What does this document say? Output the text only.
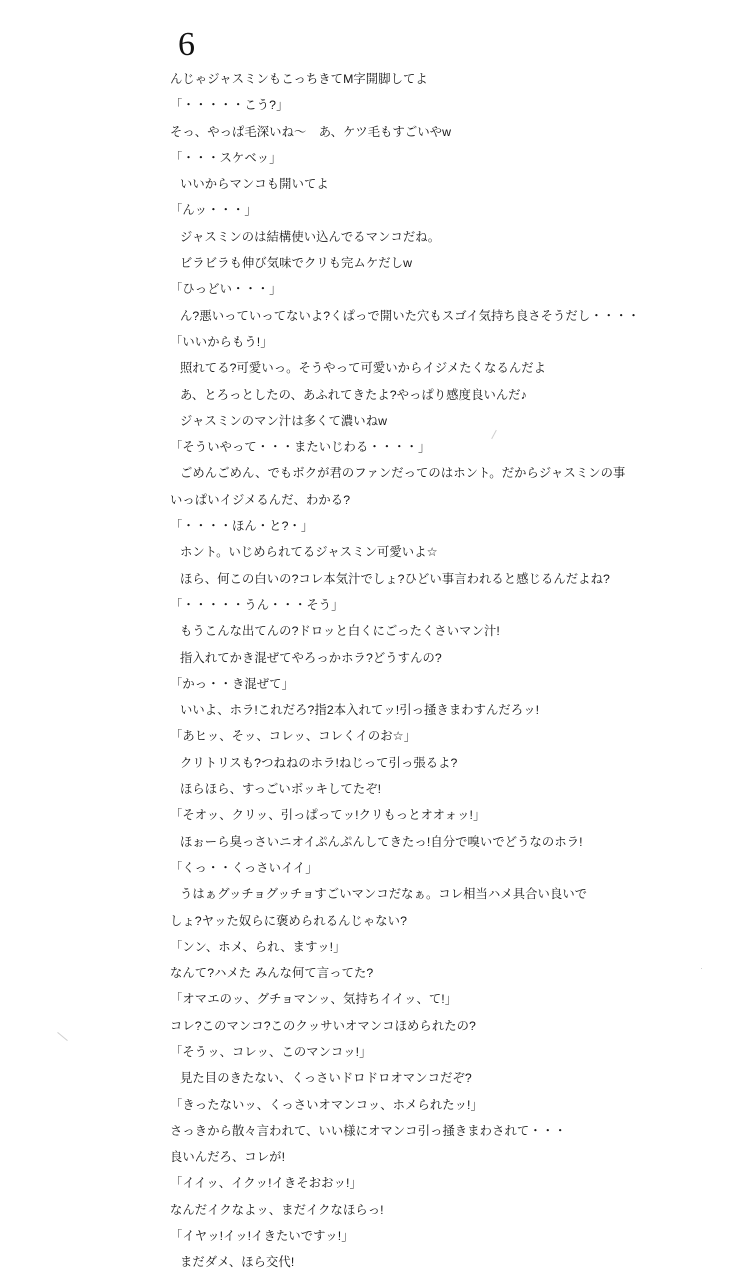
6
んじゃジャスミンもこっちきてM字開脚してよ
「・・・・・こう?」
そっ、やっぱ毛深いね〜　あ、ケツ毛もすごいやw
「・・・スケベッ」
いいからマンコも開いてよ
「んッ・・・」
ジャスミンのは結構使い込んでるマンコだね。
ビラビラも伸び気味でクリも完ムケだしw
「ひっどい・・・」
ん?悪いっていってないよ?くぱっで開いた穴もスゴイ気持ち良さそうだし・・・・
「いいからもう!」
照れてる?可愛いっ。そうやって可愛いからイジメたくなるんだよ
あ、とろっとしたの、あふれてきたよ?やっぱり感度良いんだ♪
ジャスミンのマン汁は多くて濃いねw
「そういやって・・・またいじわる・・・・」
ごめんごめん、でもボクが君のファンだってのはホント。だからジャスミンの事
いっぱいイジメるんだ、わかる?
「・・・・ほん・と?・」
ホント。いじめられてるジャスミン可愛いよ☆
ほら、何この白いの?コレ本気汁でしょ?ひどい事言われると感じるんだよね?
「・・・・・うん・・・そう」
もうこんな出てんの?ドロッと白くにごったくさいマン汁!
指入れてかき混ぜてやろっかホラ?どうすんの?
「かっ・・き混ぜて」
いいよ、ホラ!これだろ?指2本入れてッ!引っ掻きまわすんだろッ!
「あヒッ、そッ、コレッ、コレくイのお☆」
クリトリスも?つねねのホラ!ねじって引っ張るよ?
ほらほら、すっごいボッキしてたぞ!
「そオッ、クリッ、引っぱってッ!クリもっとオオォッ!」
ほぉーら臭っさいニオイぷんぷんしてきたっ!自分で嗅いでどうなのホラ!
「くっ・・くっさいイイ」
うはぁグッチョグッチョすごいマンコだなぁ。コレ相当ハメ具合い良いで
しょ?ヤッた奴らに褒められるんじゃない?
「ンン、ホメ、られ、ますッ!」
なんて?ハメた みんな何て言ってた?
「オマエのッ、グチョマンッ、気持ちイイッ、て!」
コレ?このマンコ?このクッサいオマンコほめられたの?
「そうッ、コレッ、このマンコッ!」
見た目のきたない、くっさいドロドロオマンコだぞ?
「きったないッ、くっさいオマンコッ、ホメられたッ!」
さっきから散々言われて、いい様にオマンコ引っ掻きまわされて・・・
良いんだろ、コレが!
「イイッ、イクッ!イきそおおッ!」
なんだイクなよッ、まだイクなほらっ!
「イヤッ!イッ!イきたいですッ!」
まだダメ、ほら交代!
